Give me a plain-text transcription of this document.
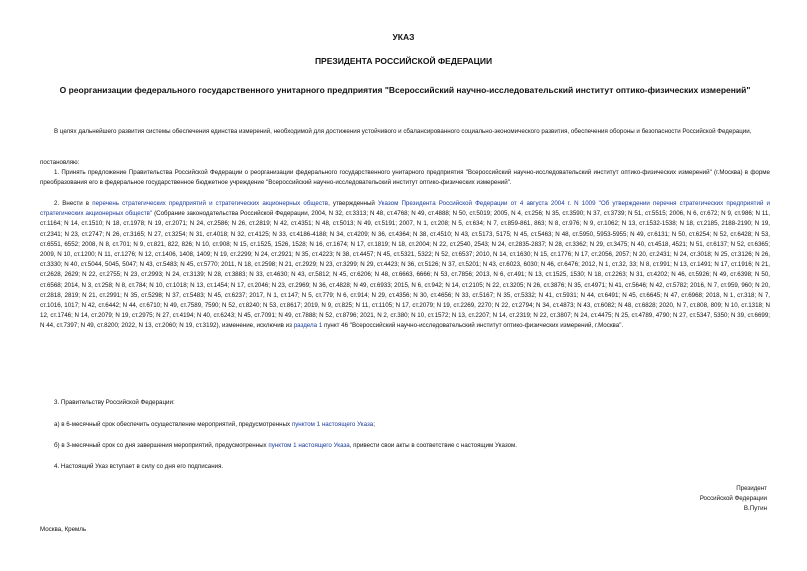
УКАЗ
ПРЕЗИДЕНТА РОССИЙСКОЙ ФЕДЕРАЦИИ
О реорганизации федерального государственного унитарного предприятия "Всероссийский научно-исследовательский институт оптико-физических измерений"
В целях дальнейшего развития системы обеспечения единства измерений, необходимой для достижения устойчивого и сбалансированного социально-экономического развития, обеспечения обороны и безопасности Российской Федерации,
постановляю:
1. Принять предложение Правительства Российской Федерации о реорганизации федерального государственного унитарного предприятия "Всероссийский научно-исследовательский институт оптико-физических измерений" (г.Москва) в форме преобразования его в федеральное государственное бюджетное учреждение "Всероссийский научно-исследовательский институт оптико-физических измерений".
2. Внести в перечень стратегических предприятий и стратегических акционерных обществ, утвержденный Указом Президента Российской Федерации от 4 августа 2004 г. N 1009 "Об утверждении перечня стратегических предприятий и стратегических акционерных обществ" (Собрание законодательства Российской Федерации, 2004, N 32, ст.3313; N 48, ст.4768; N 49, ст.4888; N 50, ст.5019; 2005, N 4, ст.256; N 35, ст.3590; N 37, ст.3739; N 51, ст.5515; 2006, N 6, ст.672; N 9, ст.986; N 11, ст.1164; N 14, ст.1510; N 18, ст.1978; N 19, ст.2071; N 24, ст.2586; N 26, ст.2819; N 42, ст.4351; N 48, ст.5013; N 49, ст.5191; 2007, N 1, ст.208; N 5, ст.634; N 7, ст.859-861, 863; N 8, ст.976; N 9, ст.1062; N 13, ст.1532-1538; N 18, ст.2185, 2188-2190; N 19, ст.2341; N 23, ст.2747; N 26, ст.3165; N 27, ст.3254; N 31, ст.4018; N 32, ст.4125; N 33, ст.4186-4188; N 34, ст.4209; N 36, ст.4364; N 38, ст.4510; N 43, ст.5173, 5175; N 45, ст.5463; N 48, ст.5950, 5953-5955; N 49, ст.6131; N 50, ст.6254; N 52, ст.6428; N 53, ст.6551, 6552; 2008, N 8, ст.701; N 9, ст.821, 822, 826; N 10, ст.908; N 15, ст.1525, 1526, 1528; N 16, ст.1674; N 17, ст.1819; N 18, ст.2004; N 22, ст.2540, 2543; N 24, ст.2835-2837; N 28, ст.3362; N 29, ст.3475; N 40, ст.4518, 4521; N 51, ст.6137; N 52, ст.6365; 2009, N 10, ст.1200; N 11, ст.1276; N 12, ст.1406, 1408, 1409; N 19, ст.2299; N 24, ст.2921; N 35, ст.4223; N 38, ст.4457; N 45, ст.5321, 5322; N 52, ст.6537; 2010, N 14, ст.1630; N 15, ст.1776; N 17, ст.2056, 2057; N 20, ст.2431; N 24, ст.3018; N 25, ст.3126; N 26, ст.3330; N 40, ст.5044, 5045, 5047; N 43, ст.5483; N 45, ст.5770; 2011, N 18, ст.2598; N 21, ст.2929; N 23, ст.3299; N 29, ст.4423; N 36, ст.5126; N 37, ст.5201; N 43, ст.6023, 6030; N 46, ст.6476; 2012, N 1, ст.32, 33; N 8, ст.991; N 13, ст.1491; N 17, ст.1916; N 21, ст.2628, 2629; N 22, ст.2755; N 23, ст.2993; N 24, ст.3139; N 28, ст.3883; N 33, ст.4630; N 43, ст.5812; N 45, ст.6206; N 48, ст.6663, 6666; N 53, ст.7856; 2013, N 6, ст.491; N 13, ст.1525, 1530; N 18, ст.2263; N 31, ст.4202; N 46, ст.5926; N 49, ст.6398; N 50, ст.6568; 2014, N 3, ст.258; N 8, ст.784; N 10, ст.1018; N 13, ст.1454; N 17, ст.2046; N 23, ст.2969; N 36, ст.4828; N 49, ст.6933; 2015, N 6, ст.942; N 14, ст.2105; N 22, ст.3205; N 26, ст.3876; N 35, ст.4971; N 41, ст.5646; N 42, ст.5782; 2016, N 7, ст.959, 960; N 20, ст.2818, 2819; N 21, ст.2991; N 35, ст.5298; N 37, ст.5483; N 45, ст.6237; 2017, N 1, ст.147; N 5, ст.779; N 6, ст.914; N 29, ст.4356; N 30, ст.4656; N 33, ст.5167; N 35, ст.5332; N 41, ст.5931; N 44, ст.6491; N 45, ст.6645; N 47, ст.6968; 2018, N 1, ст.318; N 7, ст.1016, 1017; N 42, ст.6442; N 44, ст.6710; N 49, ст.7589, 7590; N 52, ст.8240; N 53, ст.8617; 2019, N 9, ст.825; N 11, ст.1105; N 17, ст.2079; N 19, ст.2269, 2270; N 22, ст.2794; N 34, ст.4873; N 43, ст.6082; N 48, ст.6828; 2020, N 7, ст.808, 809; N 10, ст.1318; N 12, ст.1746; N 14, ст.2079; N 19, ст.2975; N 27, ст.4194; N 40, ст.6243; N 45, ст.7091; N 49, ст.7888; N 52, ст.8796; 2021, N 2, ст.380; N 10, ст.1572; N 13, ст.2207; N 14, ст.2319; N 22, ст.3807; N 24, ст.4475; N 25, ст.4789, 4790; N 27, ст.5347, 5350; N 39, ст.6699; N 44, ст.7397; N 49, ст.8200; 2022, N 13, ст.2060; N 19, ст.3192), изменение, исключив из раздела 1 пункт 46 "Всероссийский научно-исследовательский институт оптико-физических измерений, г.Москва".
3. Правительству Российской Федерации:
а) в 6-месячный срок обеспечить осуществление мероприятий, предусмотренных пунктом 1 настоящего Указа;
б) в 3-месячный срок со дня завершения мероприятий, предусмотренных пунктом 1 настоящего Указа, привести свои акты в соответствие с настоящим Указом.
4. Настоящий Указ вступает в силу со дня его подписания.
Президент
Российской Федерации
В.Путин
Москва, Кремль
